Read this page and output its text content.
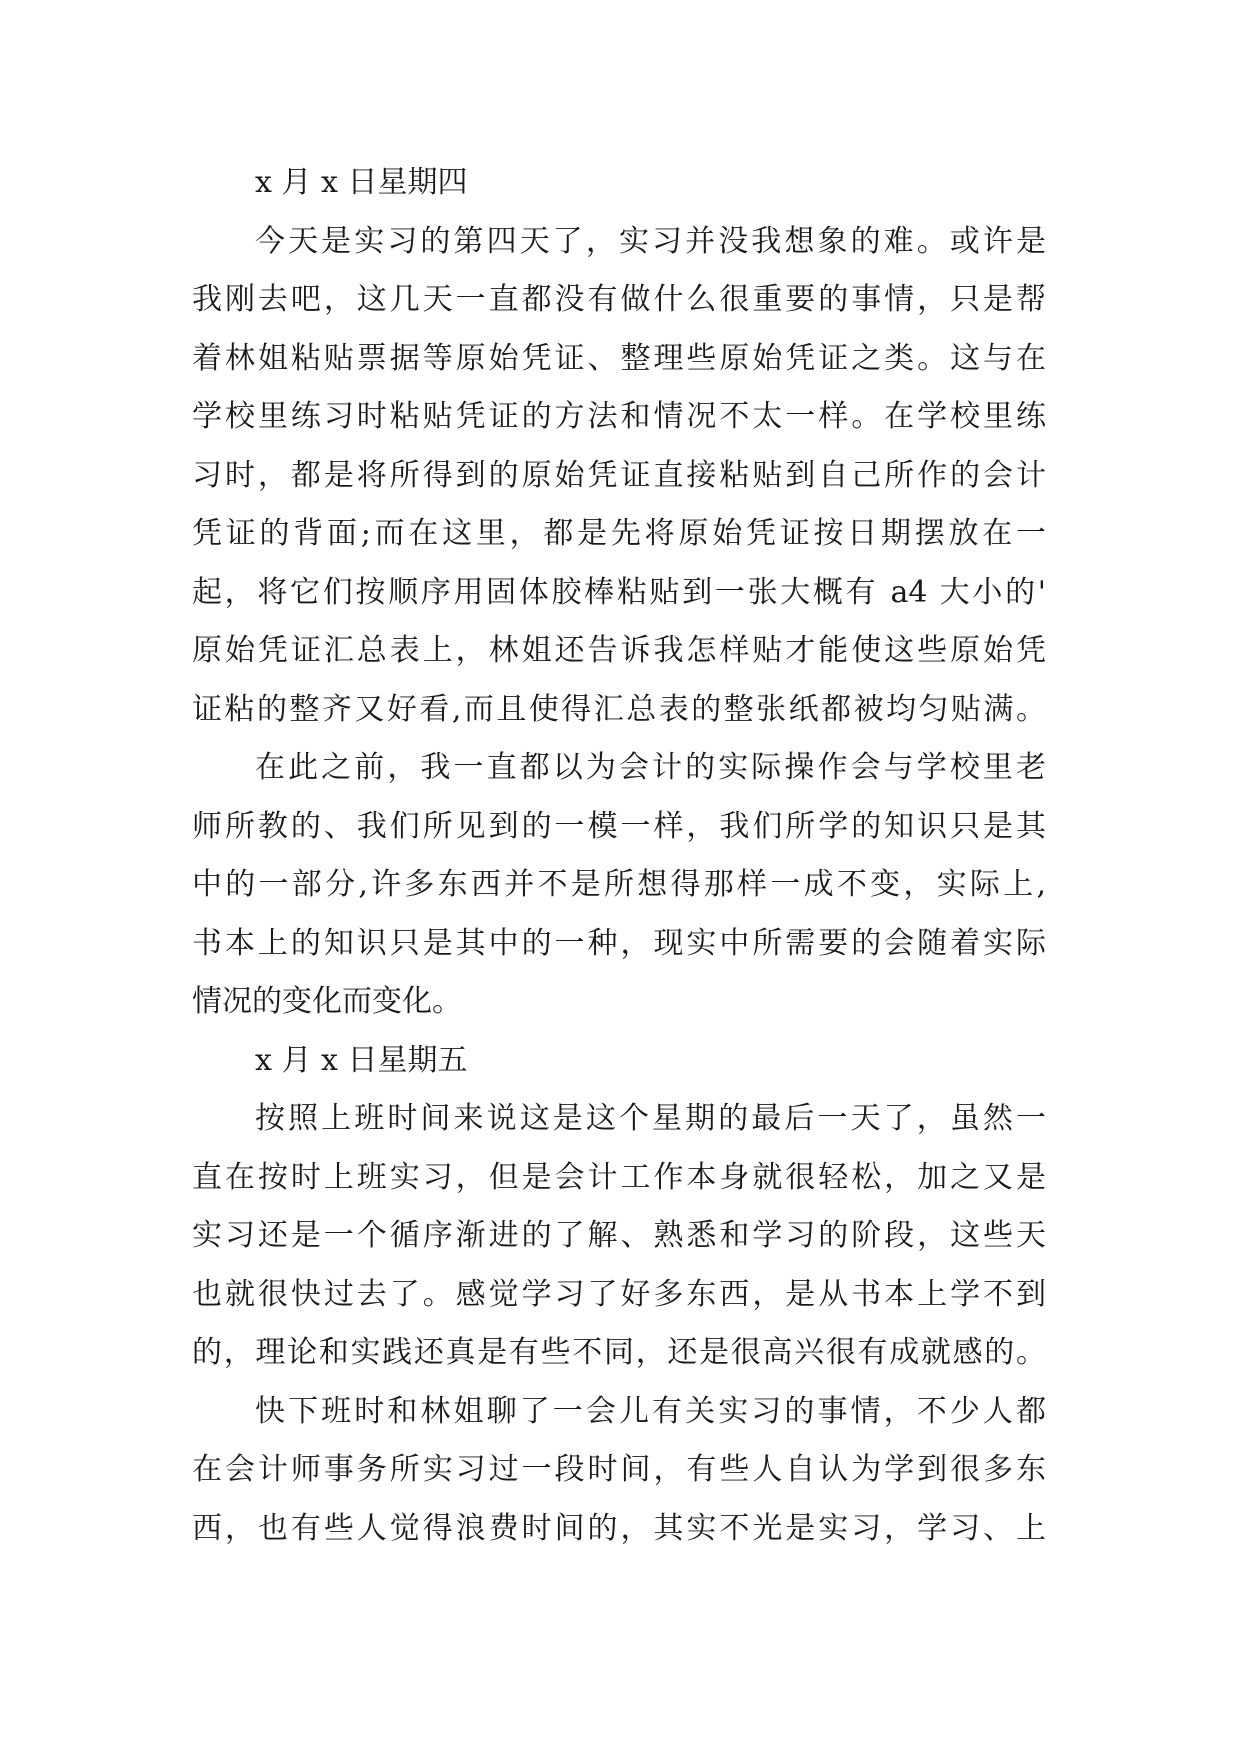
x 月 x 日星期四
今天是实习的第四天了，实习并没我想象的难。或许是
我刚去吧，这几天一直都没有做什么很重要的事情，只是帮
着林姐粘贴票据等原始凭证、整理些原始凭证之类。这与在
学校里练习时粘贴凭证的方法和情况不太一样。在学校里练
习时，都是将所得到的原始凭证直接粘贴到自己所作的会计
凭证的背面;而在这里，都是先将原始凭证按日期摆放在一
起，将它们按顺序用固体胶棒粘贴到一张大概有 a4 大小的'
原始凭证汇总表上，林姐还告诉我怎样贴才能使这些原始凭
证粘的整齐又好看,而且使得汇总表的整张纸都被均匀贴满。
在此之前，我一直都以为会计的实际操作会与学校里老
师所教的、我们所见到的一模一样，我们所学的知识只是其
中的一部分,许多东西并不是所想得那样一成不变，实际上,
书本上的知识只是其中的一种，现实中所需要的会随着实际
情况的变化而变化。
x 月 x 日星期五
按照上班时间来说这是这个星期的最后一天了，虽然一
直在按时上班实习，但是会计工作本身就很轻松，加之又是
实习还是一个循序渐进的了解、熟悉和学习的阶段，这些天
也就很快过去了。感觉学习了好多东西，是从书本上学不到
的，理论和实践还真是有些不同，还是很高兴很有成就感的。
快下班时和林姐聊了一会儿有关实习的事情，不少人都
在会计师事务所实习过一段时间，有些人自认为学到很多东
西，也有些人觉得浪费时间的，其实不光是实习，学习、上
